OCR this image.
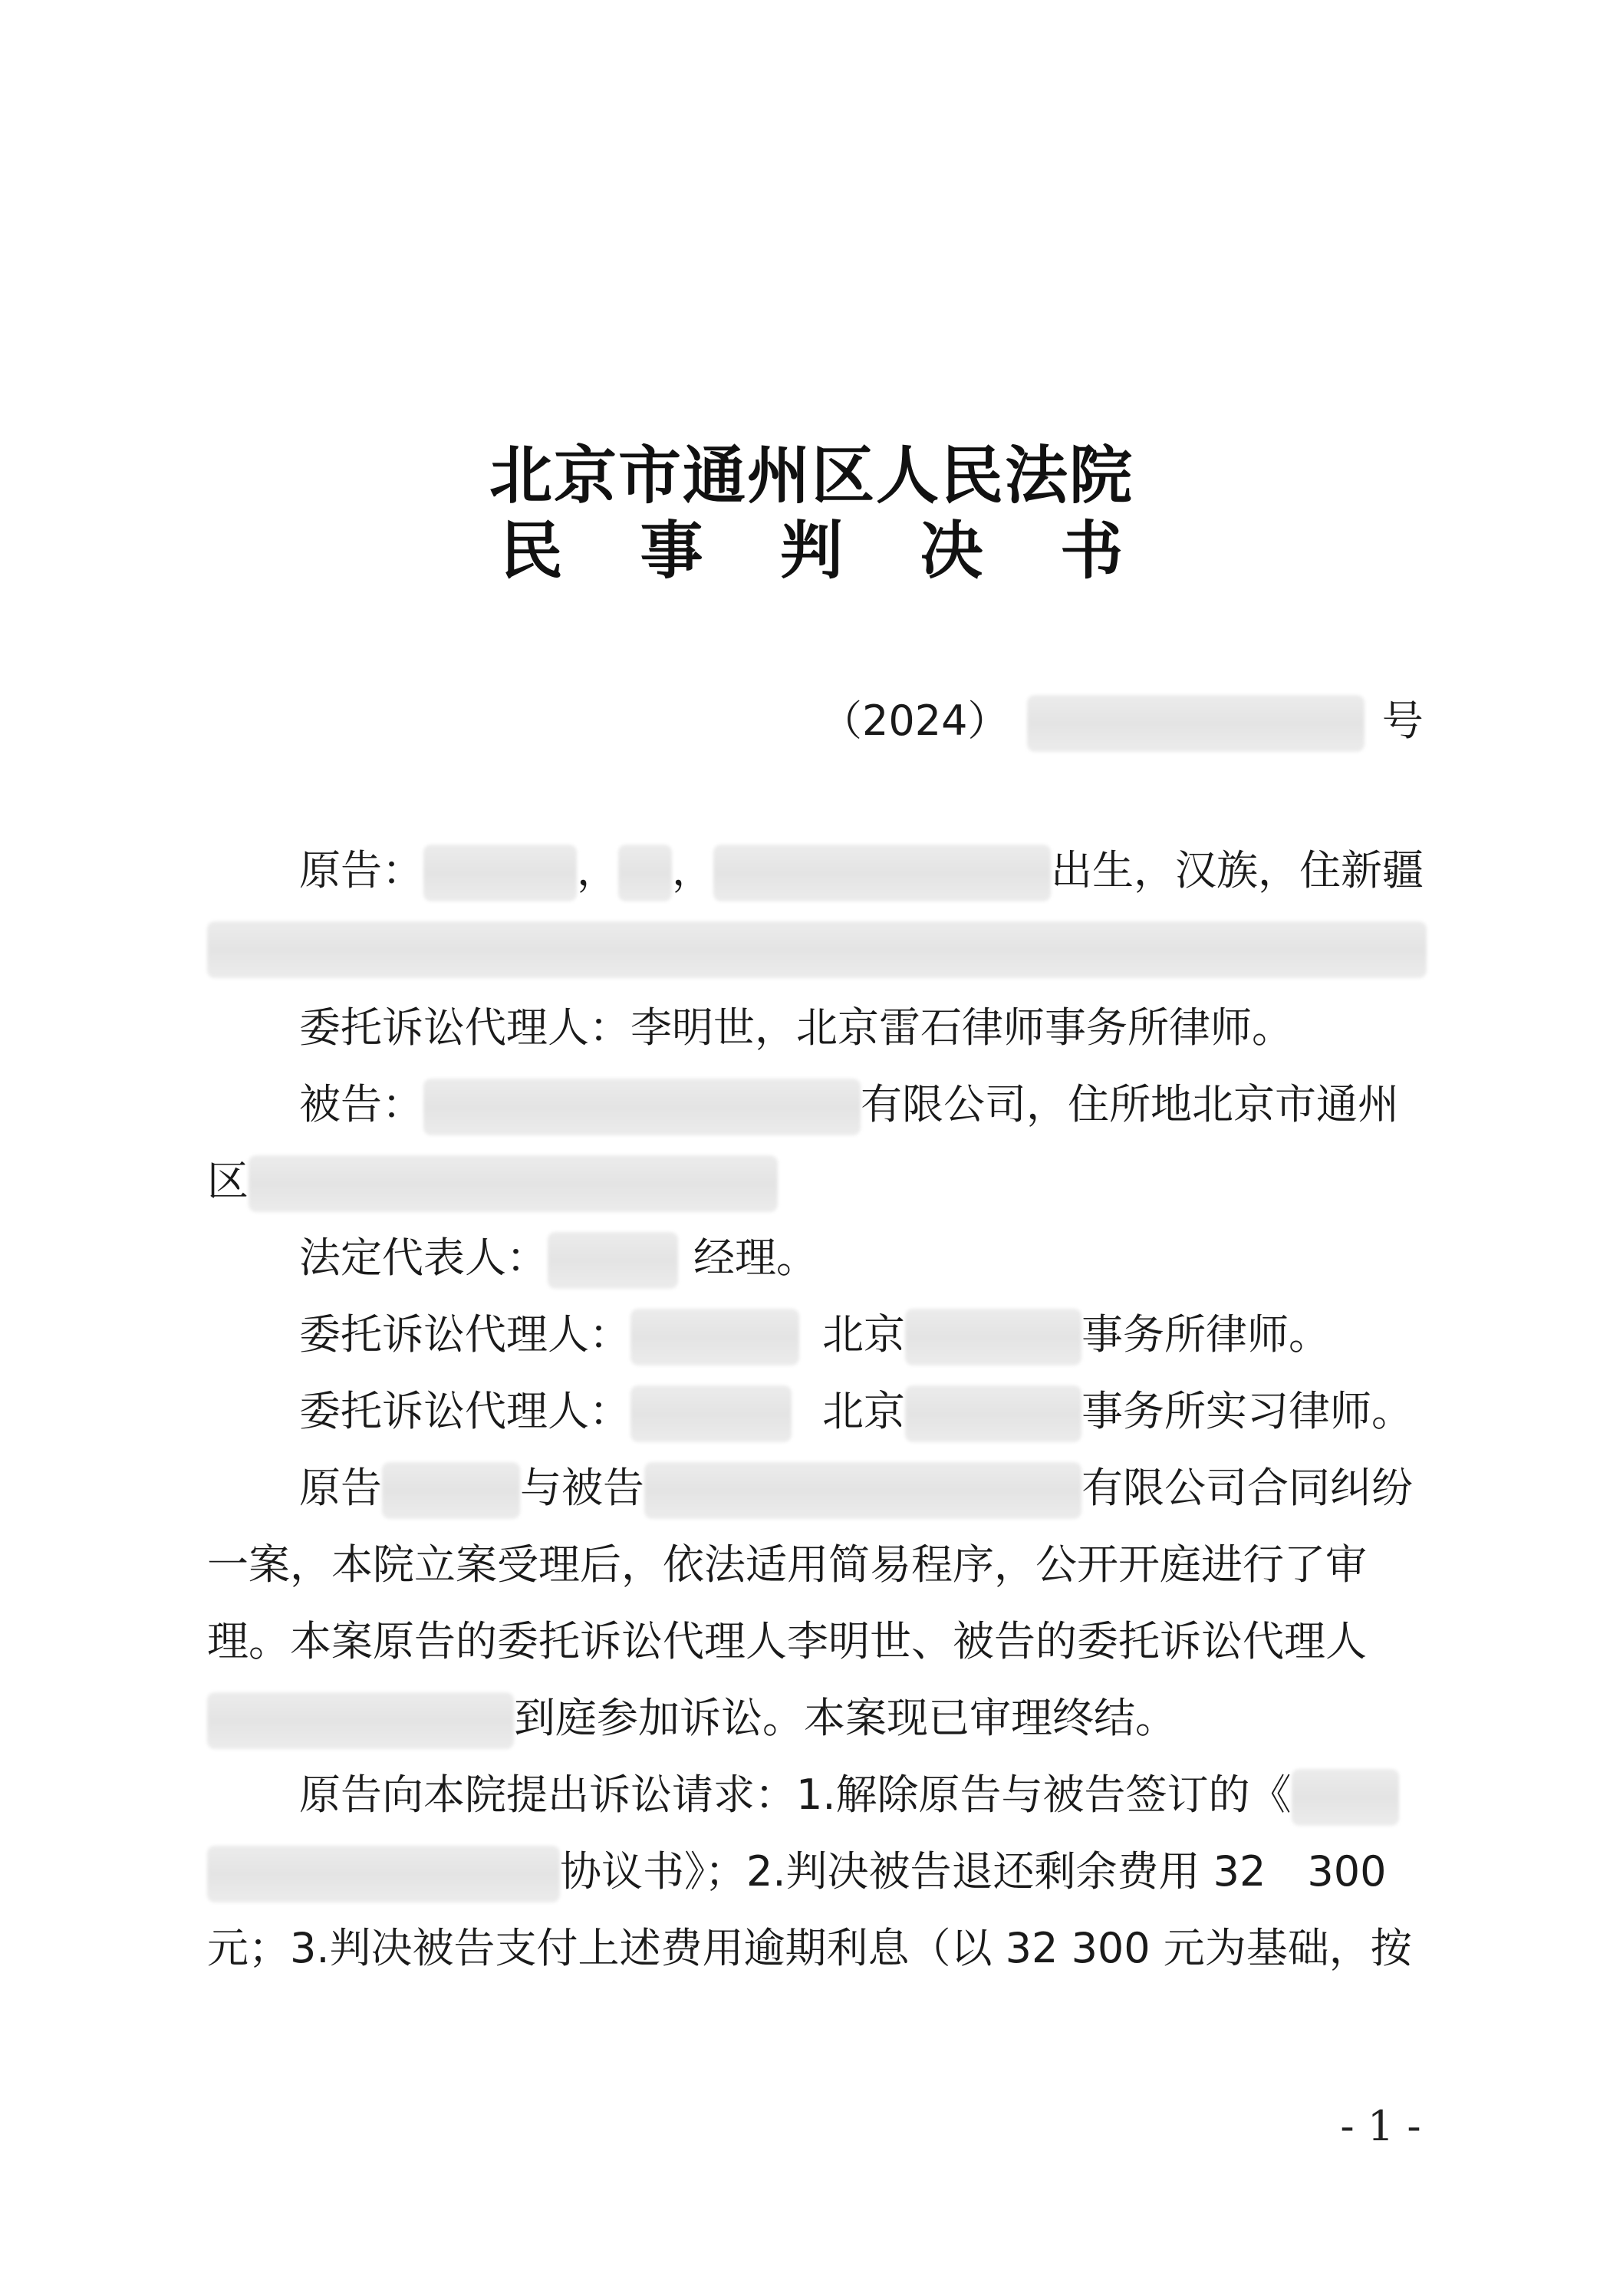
北京市通州区人民法院
民 事 判 决 书
（2024）	号
原告：	， ，	出生，汉族，住新疆
委托诉讼代理人：李明世，北京雷石律师事务所律师。
被告：	有限公司，住所地北京市通州
区
法定代表人：	经理。
委托诉讼代理人：	北京	事务所律师。
委托诉讼代理人：	北京	事务所实习律师。
原告	与被告	有限公司合同纠纷
一案，本院立案受理后，依法适用简易程序，公开开庭进行了审
理。本案原告的委托诉讼代理人李明世、被告的委托诉讼代理人
到庭参加诉讼。本案现已审理终结。
原告向本院提出诉讼请求：1.解除原告与被告签订的《
协议书》；2.判决被告退还剩余费用 32　300
元；3.判决被告支付上述费用逾期利息（以 32 300 元为基础，按
- 1 -
